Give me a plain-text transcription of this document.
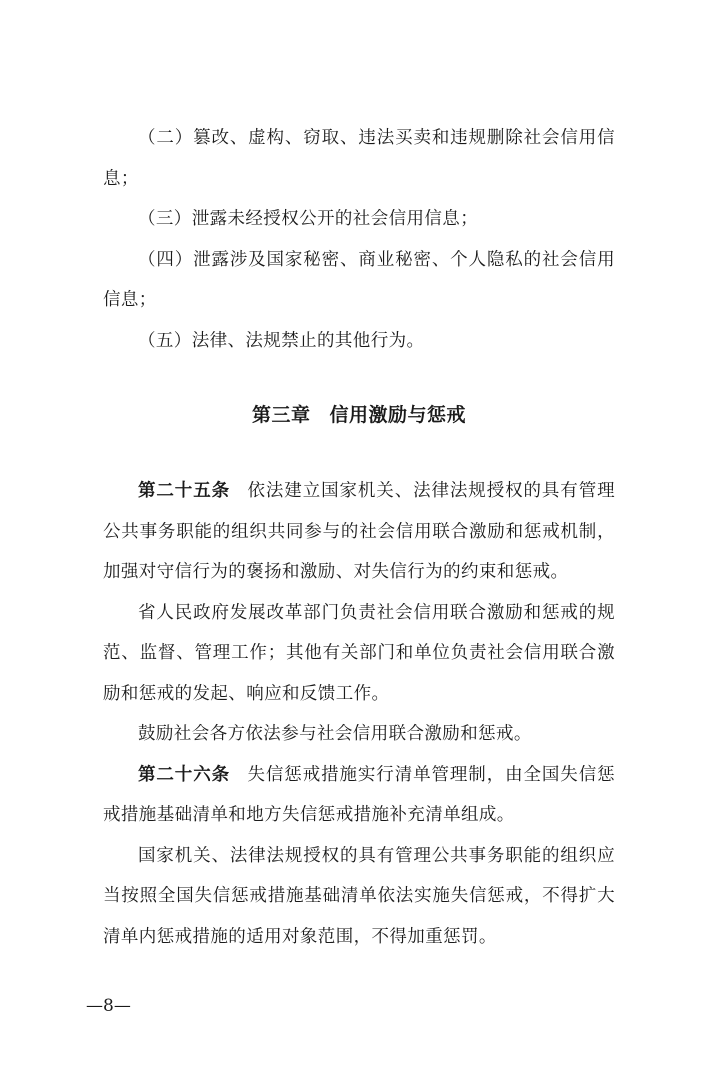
（二）篡改、虚构、窃取、违法买卖和违规删除社会信用信息；

（三）泄露未经授权公开的社会信用信息；

（四）泄露涉及国家秘密、商业秘密、个人隐私的社会信用信息；

（五）法律、法规禁止的其他行为。

第三章 信用激励与惩戒

第二十五条 依法建立国家机关、法律法规授权的具有管理公共事务职能的组织共同参与的社会信用联合激励和惩戒机制，加强对守信行为的褒扬和激励、对失信行为的约束和惩戒。

省人民政府发展改革部门负责社会信用联合激励和惩戒的规范、监督、管理工作；其他有关部门和单位负责社会信用联合激励和惩戒的发起、响应和反馈工作。

鼓励社会各方依法参与社会信用联合激励和惩戒。

第二十六条 失信惩戒措施实行清单管理制，由全国失信惩戒措施基础清单和地方失信惩戒措施补充清单组成。

国家机关、法律法规授权的具有管理公共事务职能的组织应当按照全国失信惩戒措施基础清单依法实施失信惩戒，不得扩大清单内惩戒措施的适用对象范围，不得加重惩罚。

—8—
